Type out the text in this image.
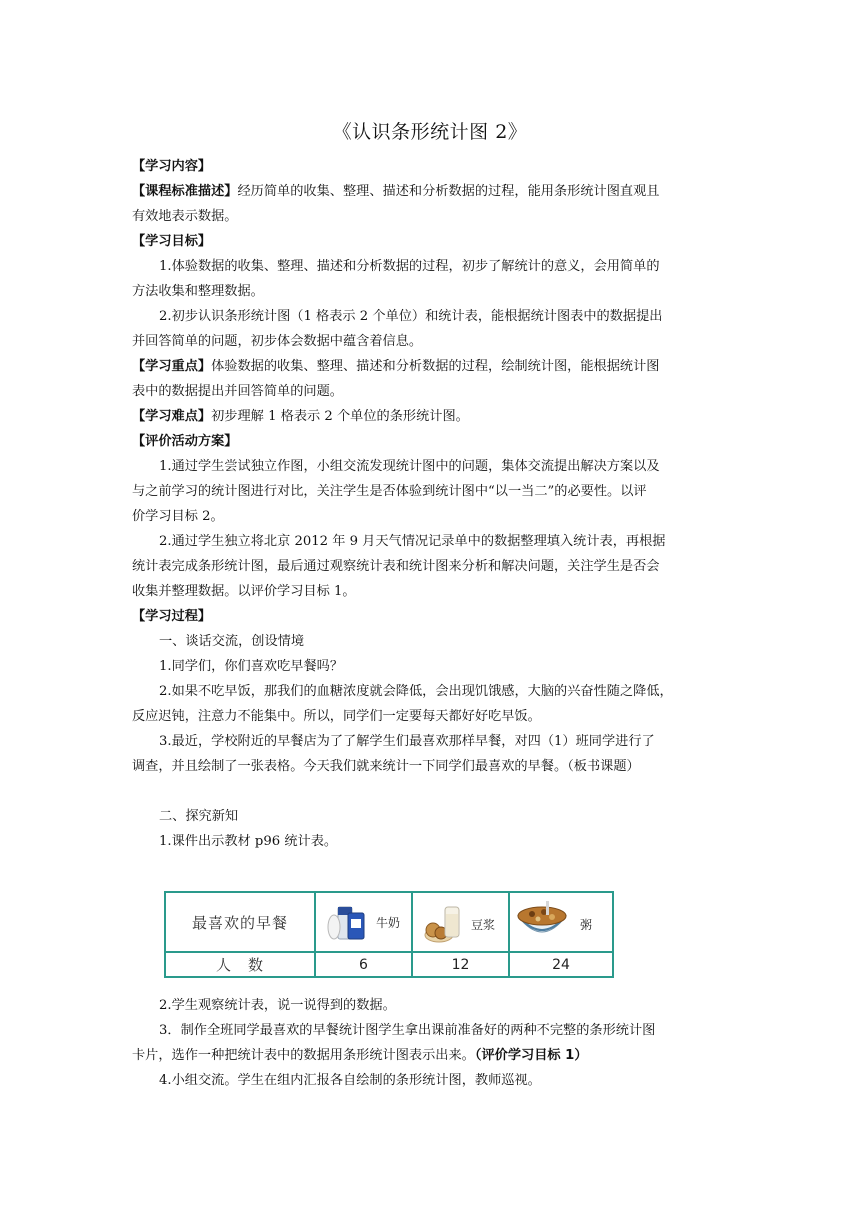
《认识条形统计图 2》
【学习内容】
【课程标准描述】经历简单的收集、整理、描述和分析数据的过程，能用条形统计图直观且
有效地表示数据。
【学习目标】
1.体验数据的收集、整理、描述和分析数据的过程，初步了解统计的意义，会用简单的
方法收集和整理数据。
2.初步认识条形统计图（1 格表示 2 个单位）和统计表，能根据统计图表中的数据提出
并回答简单的问题，初步体会数据中蕴含着信息。
【学习重点】体验数据的收集、整理、描述和分析数据的过程，绘制统计图，能根据统计图
表中的数据提出并回答简单的问题。
【学习难点】初步理解 1 格表示 2 个单位的条形统计图。
【评价活动方案】
1.通过学生尝试独立作图，小组交流发现统计图中的问题，集体交流提出解决方案以及
与之前学习的统计图进行对比，关注学生是否体验到统计图中“以一当二”的必要性。以评
价学习目标 2。
2.通过学生独立将北京 2012 年 9 月天气情况记录单中的数据整理填入统计表，再根据
统计表完成条形统计图，最后通过观察统计表和统计图来分析和解决问题，关注学生是否会
收集并整理数据。以评价学习目标 1。
【学习过程】
一、谈话交流，创设情境
1.同学们，你们喜欢吃早餐吗？
2.如果不吃早饭，那我们的血糖浓度就会降低，会出现饥饿感，大脑的兴奋性随之降低，
反应迟钝，注意力不能集中。所以，同学们一定要每天都好好吃早饭。
3.最近，学校附近的早餐店为了了解学生们最喜欢那样早餐，对四（1）班同学进行了
调查，并且绘制了一张表格。今天我们就来统计一下同学们最喜欢的早餐。（板书课题）
二、探究新知
1.课件出示教材 p96 统计表。
最喜欢的早餐	牛奶	豆浆	粥
人　数	6	12	24
2.学生观察统计表，说一说得到的数据。
3．制作全班同学最喜欢的早餐统计图学生拿出课前准备好的两种不完整的条形统计图
卡片，选作一种把统计表中的数据用条形统计图表示出来。（评价学习目标 1）
4.小组交流。学生在组内汇报各自绘制的条形统计图，教师巡视。
